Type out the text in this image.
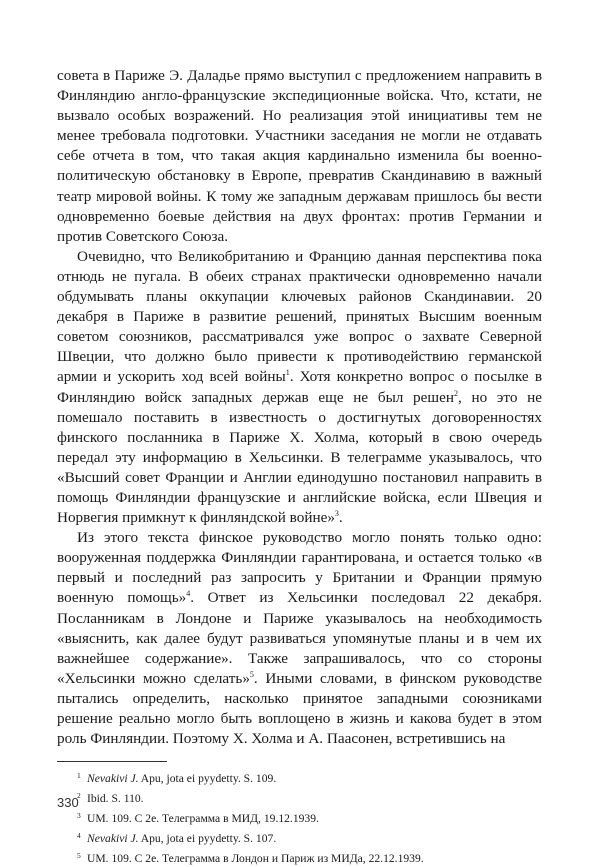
совета в Париже Э. Даладье прямо выступил с предложением направить в Финляндию англо-французские экспедиционные войска. Что, кстати, не вызвало особых возражений. Но реализация этой инициативы тем не менее требовала подготовки. Участники заседания не могли не отдавать себе отчета в том, что такая акция кардинально изменила бы военно-политическую обстановку в Европе, превратив Скандинавию в важный театр мировой войны. К тому же западным державам пришлось бы вести одновременно боевые действия на двух фронтах: против Германии и против Советского Союза.

Очевидно, что Великобританию и Францию данная перспектива пока отнюдь не пугала. В обеих странах практически одновременно начали обдумывать планы оккупации ключевых районов Скандинавии. 20 декабря в Париже в развитие решений, принятых Высшим военным советом союзников, рассматривался уже вопрос о захвате Северной Швеции, что должно было привести к противодействию германской армии и ускорить ход всей войны$^1$. Хотя конкретно вопрос о посылке в Финляндию войск западных держав еще не был решен$^2$, но это не помешало поставить в известность о достигнутых договоренностях финского посланника в Париже Х. Холма, который в свою очередь передал эту информацию в Хельсинки. В телеграмме указывалось, что «Высший совет Франции и Англии единодушно постановил направить в помощь Финляндии французские и английские войска, если Швеция и Норвегия примкнут к финляндской войне»$^3$.

Из этого текста финское руководство могло понять только одно: вооруженная поддержка Финляндии гарантирована, и остается только «в первый и последний раз запросить у Британии и Франции прямую военную помощь»$^4$. Ответ из Хельсинки последовал 22 декабря. Посланникам в Лондоне и Париже указывалось на необходимость «выяснить, как далее будут развиваться упомянутые планы и в чем их важнейшее содержание». Также запрашивалось, что со стороны «Хельсинки можно сделать»$^5$. Иными словами, в финском руководстве пытались определить, насколько принятое западными союзниками решение реально могло быть воплощено в жизнь и какова будет в этом роль Финляндии. Поэтому Х. Холма и А. Паасонен, встретившись на

1 Nevakivi J. Apu, jota ei pyydetty. S. 109.
2 Ibid. S. 110.
3 UM. 109. C 2e. Телеграмма в МИД, 19.12.1939.
4 Nevakivi J. Apu, jota ei pyydetty. S. 107.
5 UM. 109. C 2e. Телеграмма в Лондон и Париж из МИДа, 22.12.1939.
330
